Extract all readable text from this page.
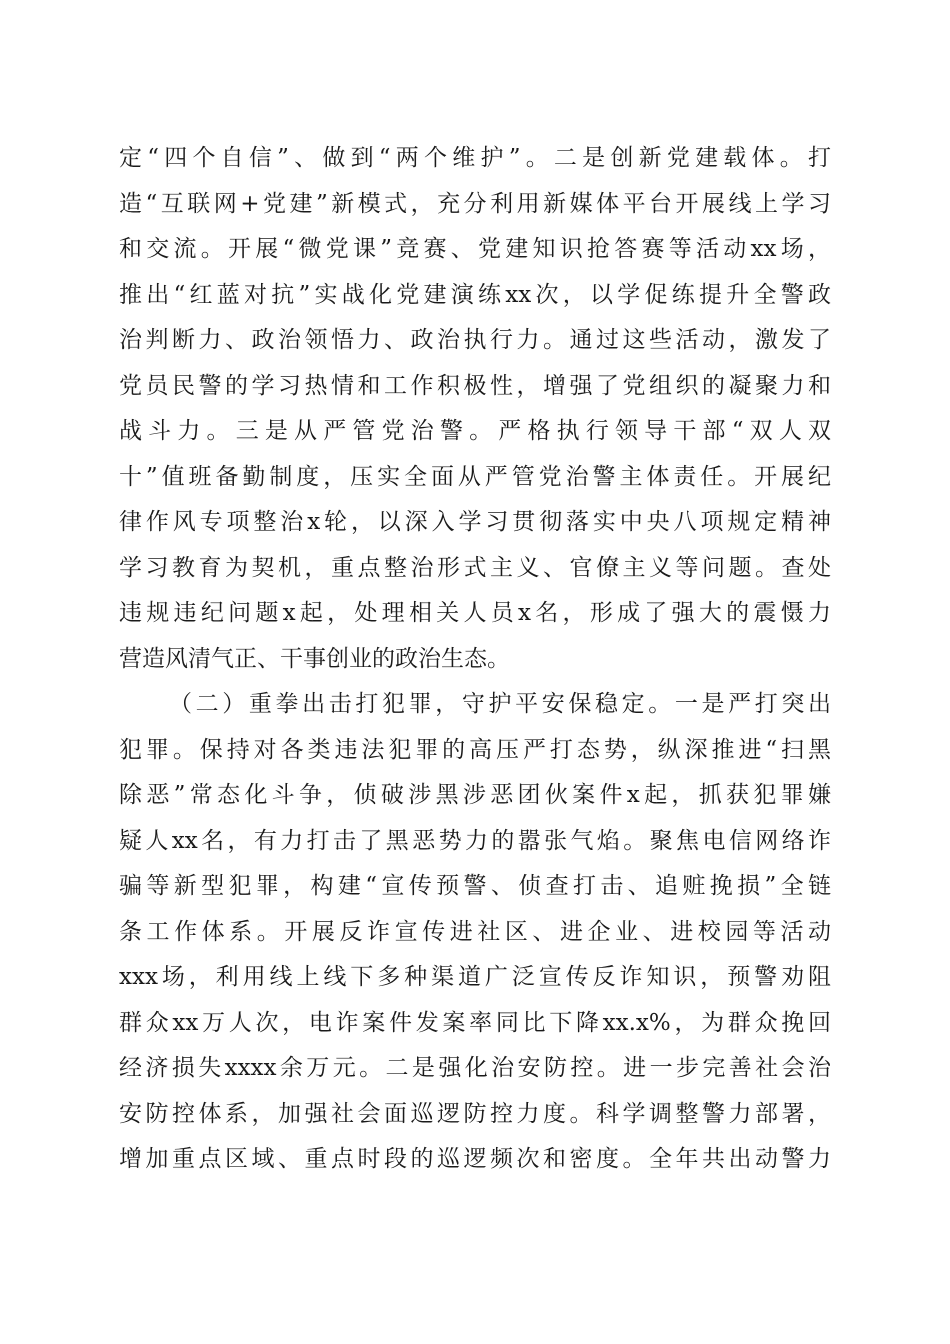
定“四个自信”、做到“两个维护”。二是创新党建载体。打
造“互联网+党建”新模式，充分利用新媒体平台开展线上学习
和交流。开展“微党课”竞赛、党建知识抢答赛等活动xx场，
推出“红蓝对抗”实战化党建演练xx次，以学促练提升全警政
治判断力、政治领悟力、政治执行力。通过这些活动，激发了
党员民警的学习热情和工作积极性，增强了党组织的凝聚力和
战斗力。三是从严管党治警。严格执行领导干部“双人双
十”值班备勤制度，压实全面从严管党治警主体责任。开展纪
律作风专项整治x轮，以深入学习贯彻落实中央八项规定精神
学习教育为契机，重点整治形式主义、官僚主义等问题。查处
违规违纪问题x起，处理相关人员x名，形成了强大的震慑力
营造风清气正、干事创业的政治生态。
（二）重拳出击打犯罪，守护平安保稳定。一是严打突出
犯罪。保持对各类违法犯罪的高压严打态势，纵深推进“扫黑
除恶”常态化斗争，侦破涉黑涉恶团伙案件x起，抓获犯罪嫌
疑人xx名，有力打击了黑恶势力的嚣张气焰。聚焦电信网络诈
骗等新型犯罪，构建“宣传预警、侦查打击、追赃挽损”全链
条工作体系。开展反诈宣传进社区、进企业、进校园等活动
xxx场，利用线上线下多种渠道广泛宣传反诈知识，预警劝阻
群众xx万人次，电诈案件发案率同比下降xx.x%，为群众挽回
经济损失xxxx余万元。二是强化治安防控。进一步完善社会治
安防控体系，加强社会面巡逻防控力度。科学调整警力部署，
增加重点区域、重点时段的巡逻频次和密度。全年共出动警力
